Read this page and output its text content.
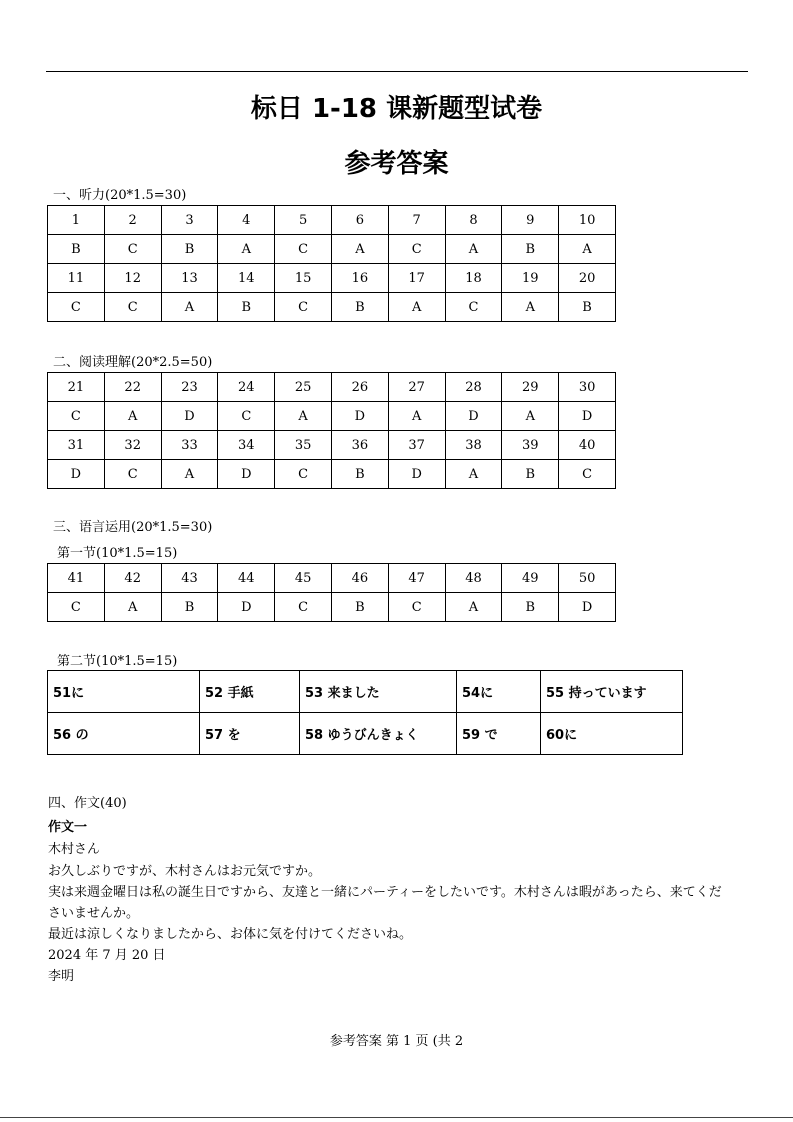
标日 1-18 课新题型试卷
参考答案
一、听力(20*1.5=30)
1	2	3	4	5	6	7	8	9	10
B	C	B	A	C	A	C	A	B	A
11	12	13	14	15	16	17	18	19	20
C	C	A	B	C	B	A	C	A	B
二、阅读理解(20*2.5=50)
21	22	23	24	25	26	27	28	29	30
C	A	D	C	A	D	A	D	A	D
31	32	33	34	35	36	37	38	39	40
D	C	A	D	C	B	D	A	B	C
三、语言运用(20*1.5=30)
第一节(10*1.5=15)
41	42	43	44	45	46	47	48	49	50
C	A	B	D	C	B	C	A	B	D
第二节(10*1.5=15)
51に	52 手紙	53 来ました	54に	55 持っています
56 の	57 を	58 ゆうびんきょく	59 で	60に
四、作文(40)
作文一
木村さん
お久しぶりですが、木村さんはお元気ですか。
実は来週金曜日は私の誕生日ですから、友達と一緒にパーティーをしたいです。木村さんは暇があったら、来てくだ
さいませんか。
最近は涼しくなりましたから、お体に気を付けてくださいね。
2024 年 7 月 20 日
李明
参考答案 第 1 页 (共 2
